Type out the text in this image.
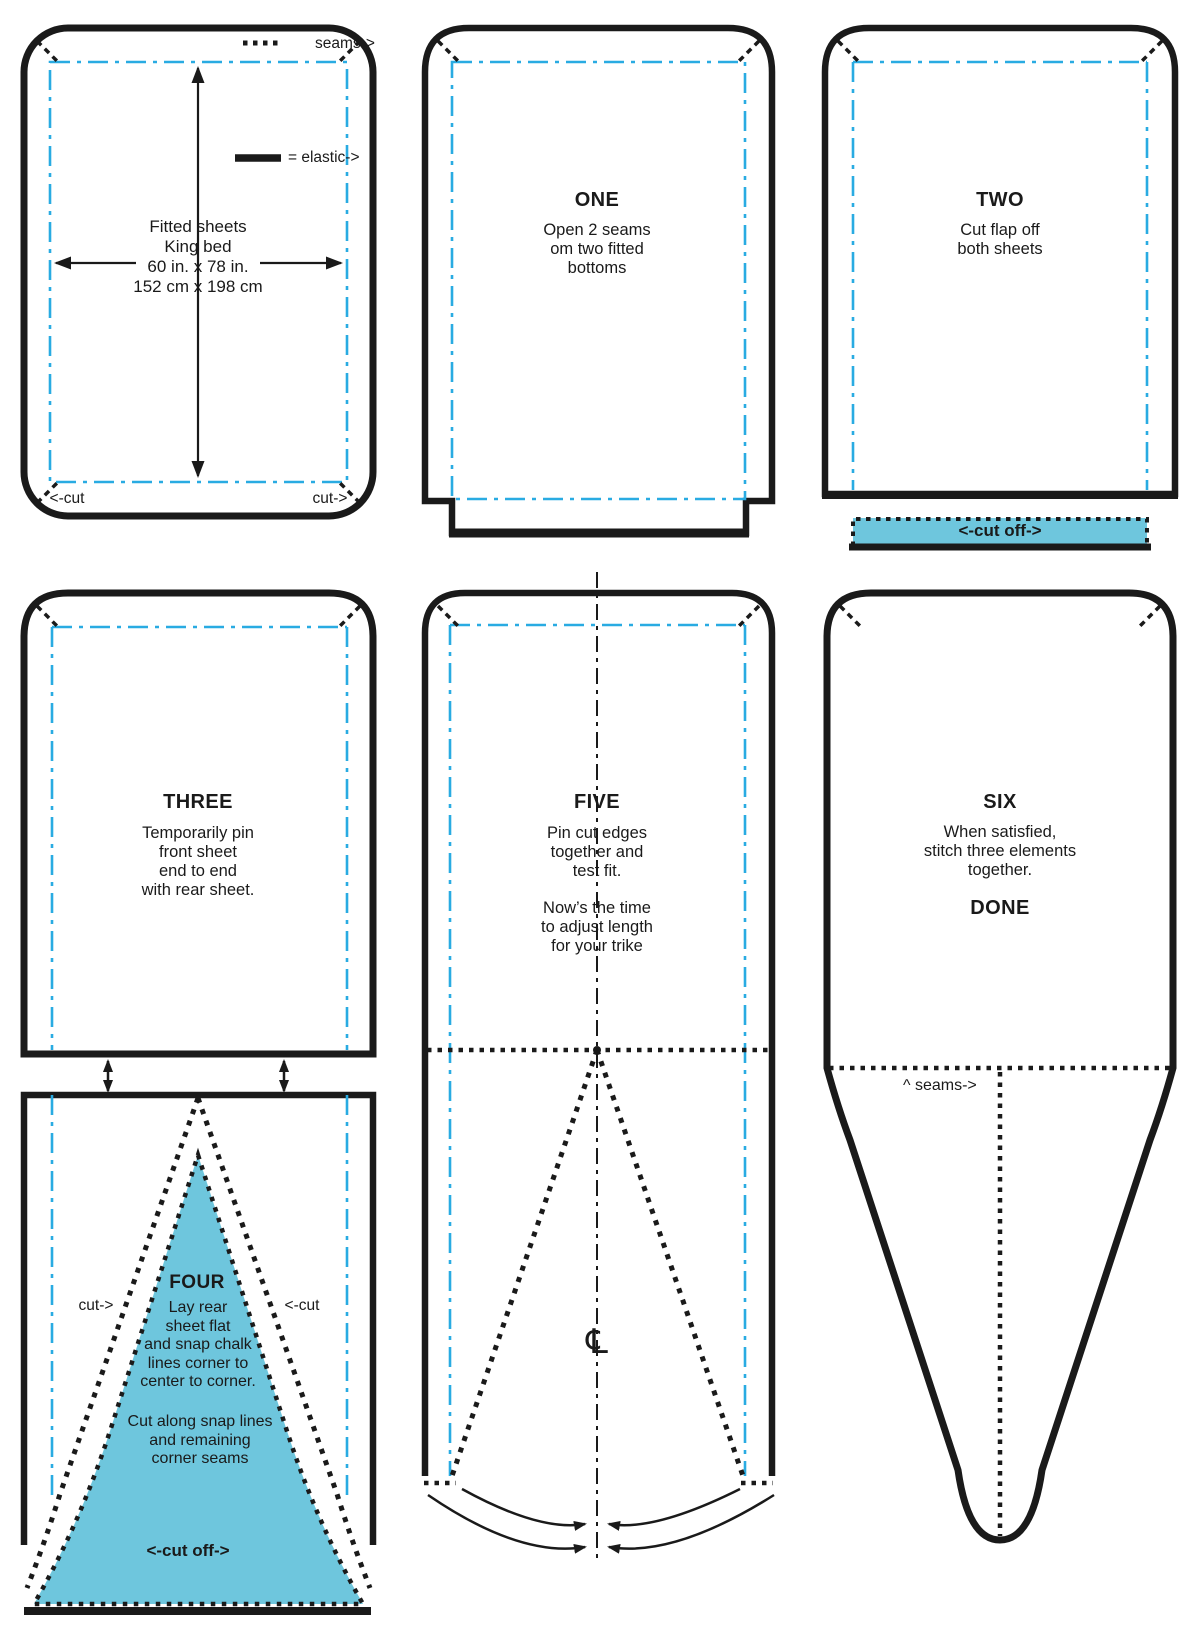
seams->
= elastic->
Fitted sheets
King bed
60 in. x 78 in.
152 cm x 198 cm
<-cut	cut->
ONE
Open 2 seams
om two fitted
bottoms
TWO
Cut flap off
both sheets
<-cut off->
THREE
Temporarily pin
front sheet
end to end
with rear sheet.
FOUR
Lay rear
sheet flat
and snap chalk
lines corner to
center to corner.
Cut along snap lines
and remaining
corner seams
cut->	<-cut
<-cut off->
FIVE
Pin cut edges
together and
test fit.
Now’s the time
to adjust length
for your trike
℄
SIX
When satisfied,
stitch three elements
together.
DONE
^ seams->
